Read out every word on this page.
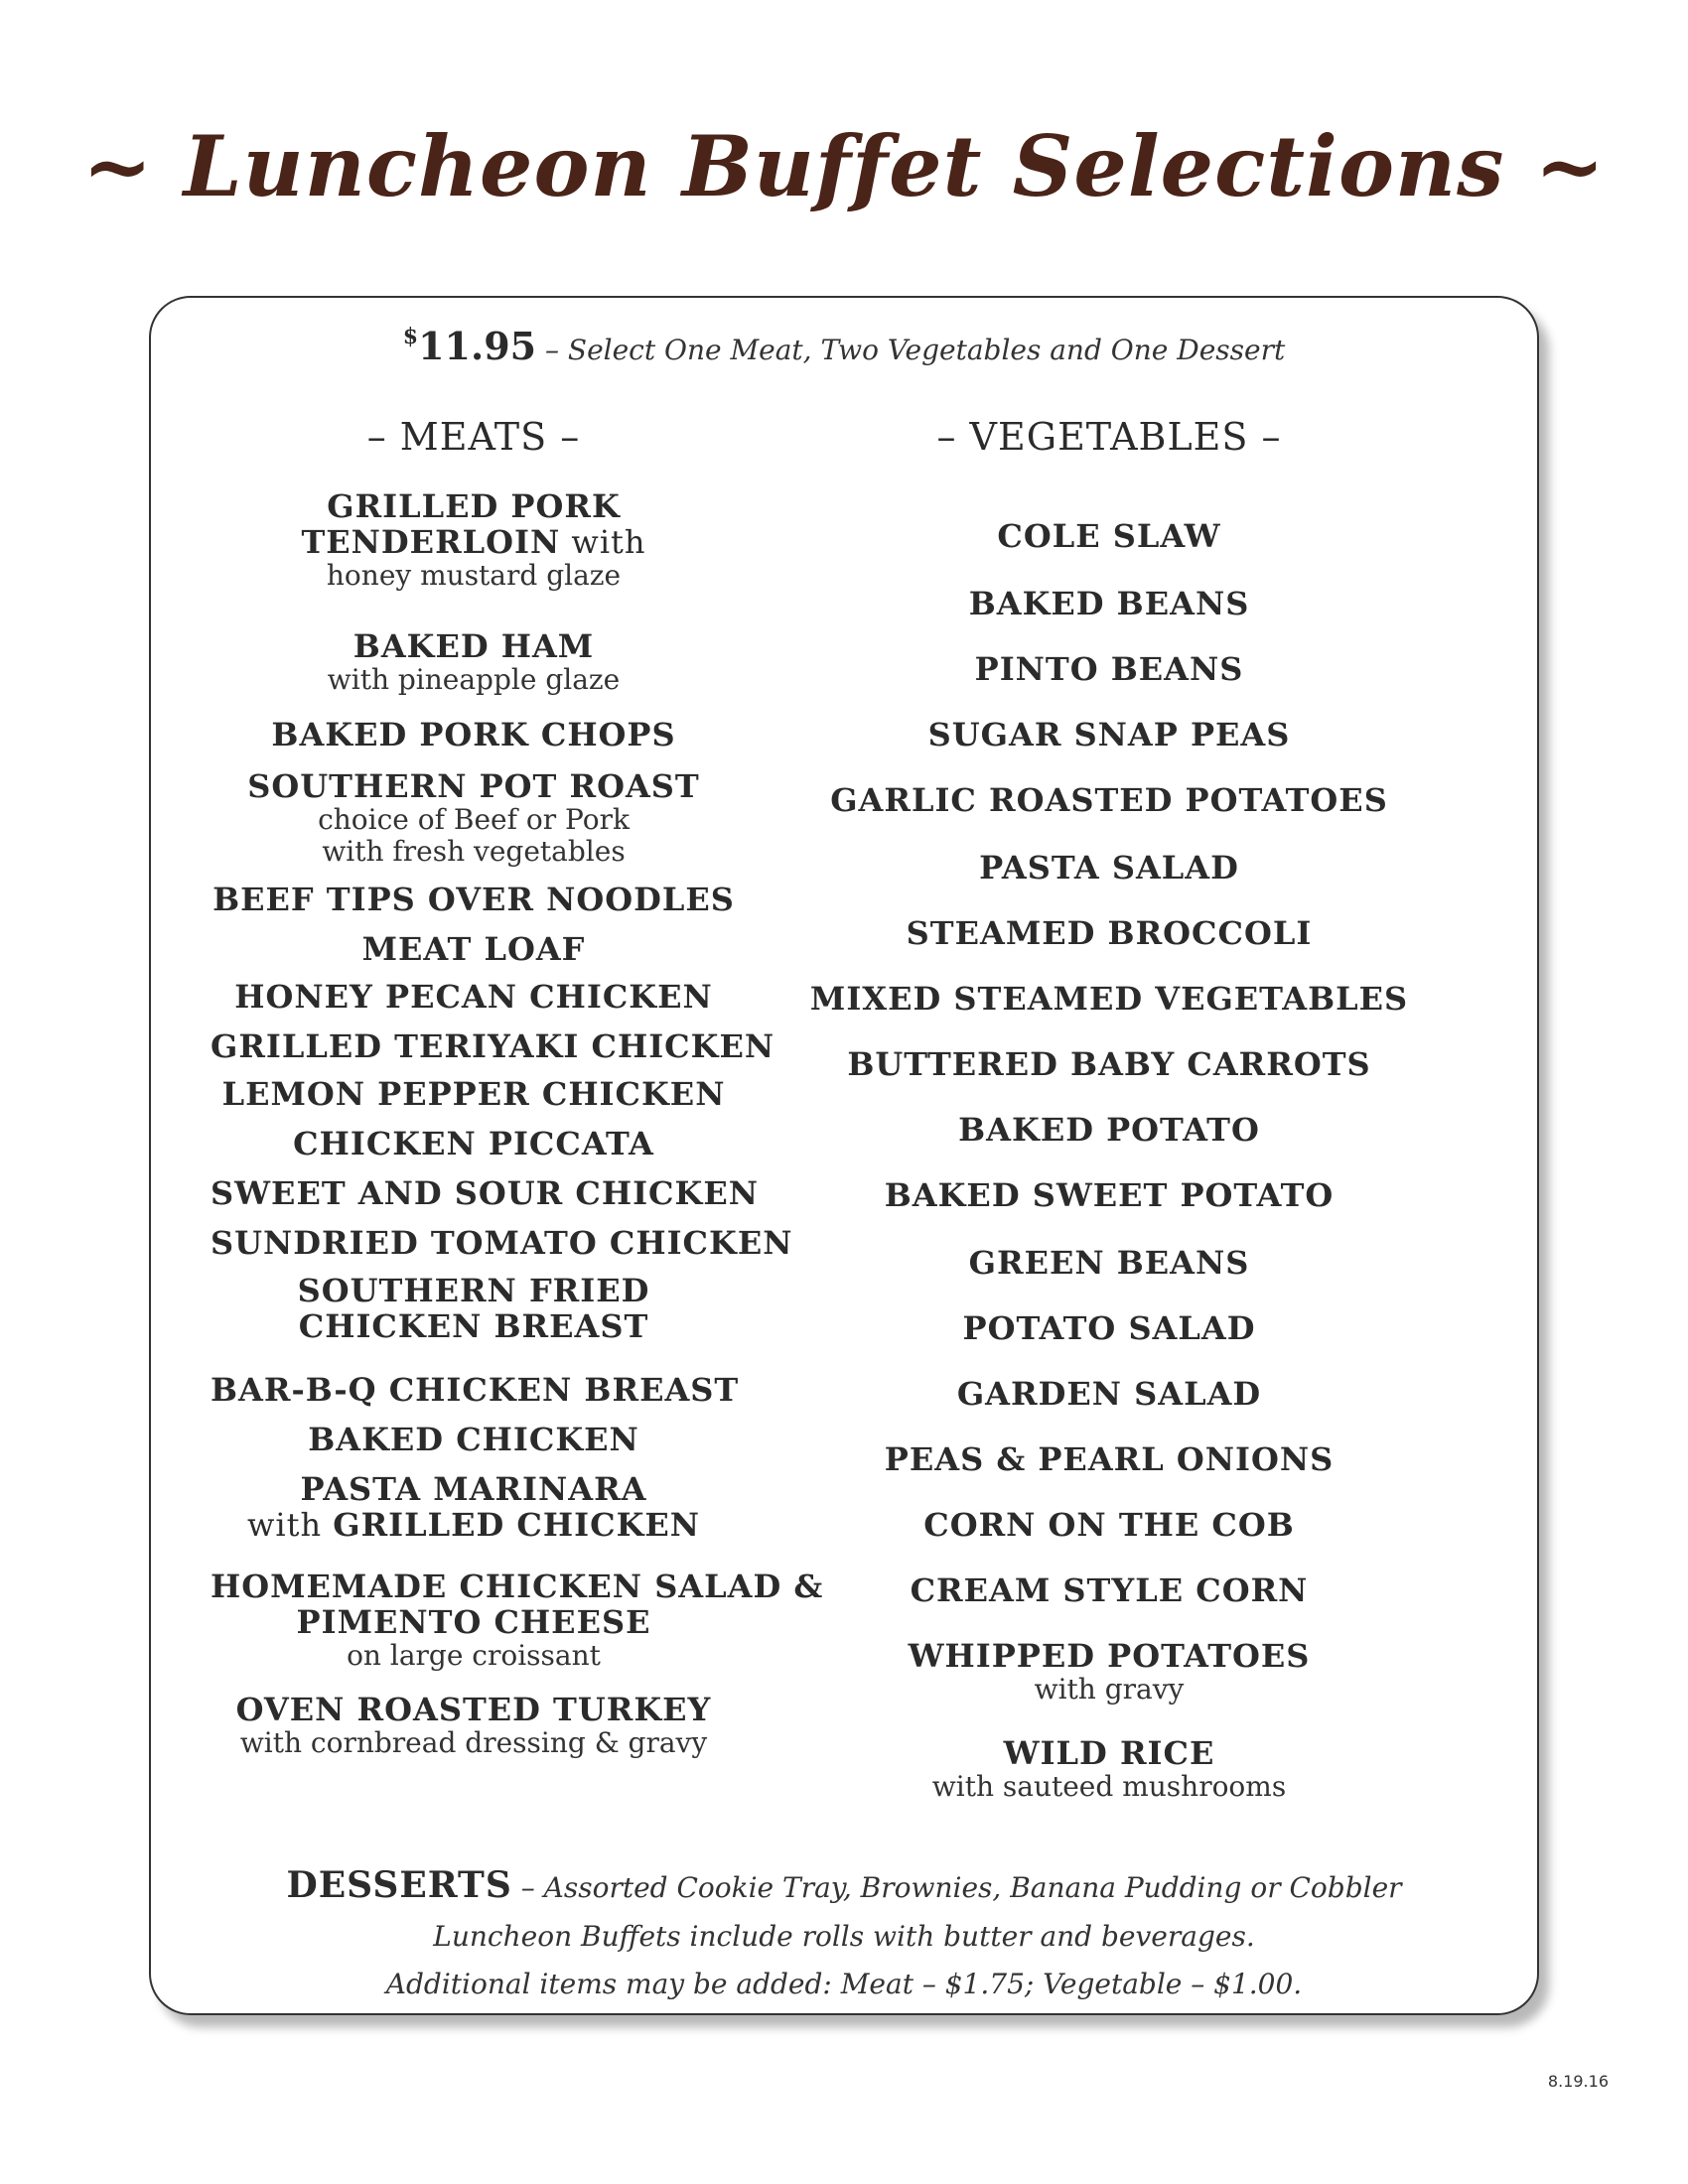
~ Luncheon Buffet Selections ~
$11.95 – Select One Meat, Two Vegetables and One Dessert
– MEATS –	– VEGETABLES –
GRILLED PORK
TENDERLOIN with
honey mustard glaze
BAKED HAM
with pineapple glaze
BAKED PORK CHOPS
SOUTHERN POT ROAST
choice of Beef or Pork
with fresh vegetables
BEEF TIPS OVER NOODLES
MEAT LOAF
HONEY PECAN CHICKEN
GRILLED TERIYAKI CHICKEN
LEMON PEPPER CHICKEN
CHICKEN PICCATA
SWEET AND SOUR CHICKEN
SUNDRIED TOMATO CHICKEN
SOUTHERN FRIED
CHICKEN BREAST
BAR-B-Q CHICKEN BREAST
BAKED CHICKEN
PASTA MARINARA
with GRILLED CHICKEN
HOMEMADE CHICKEN SALAD &
PIMENTO CHEESE
on large croissant
OVEN ROASTED TURKEY
with cornbread dressing & gravy
COLE SLAW
BAKED BEANS
PINTO BEANS
SUGAR SNAP PEAS
GARLIC ROASTED POTATOES
PASTA SALAD
STEAMED BROCCOLI
MIXED STEAMED VEGETABLES
BUTTERED BABY CARROTS
BAKED POTATO
BAKED SWEET POTATO
GREEN BEANS
POTATO SALAD
GARDEN SALAD
PEAS & PEARL ONIONS
CORN ON THE COB
CREAM STYLE CORN
WHIPPED POTATOES
with gravy
WILD RICE
with sauteed mushrooms
DESSERTS – Assorted Cookie Tray, Brownies, Banana Pudding or Cobbler
Luncheon Buffets include rolls with butter and beverages.
Additional items may be added: Meat – $1.75; Vegetable – $1.00.
8.19.16
